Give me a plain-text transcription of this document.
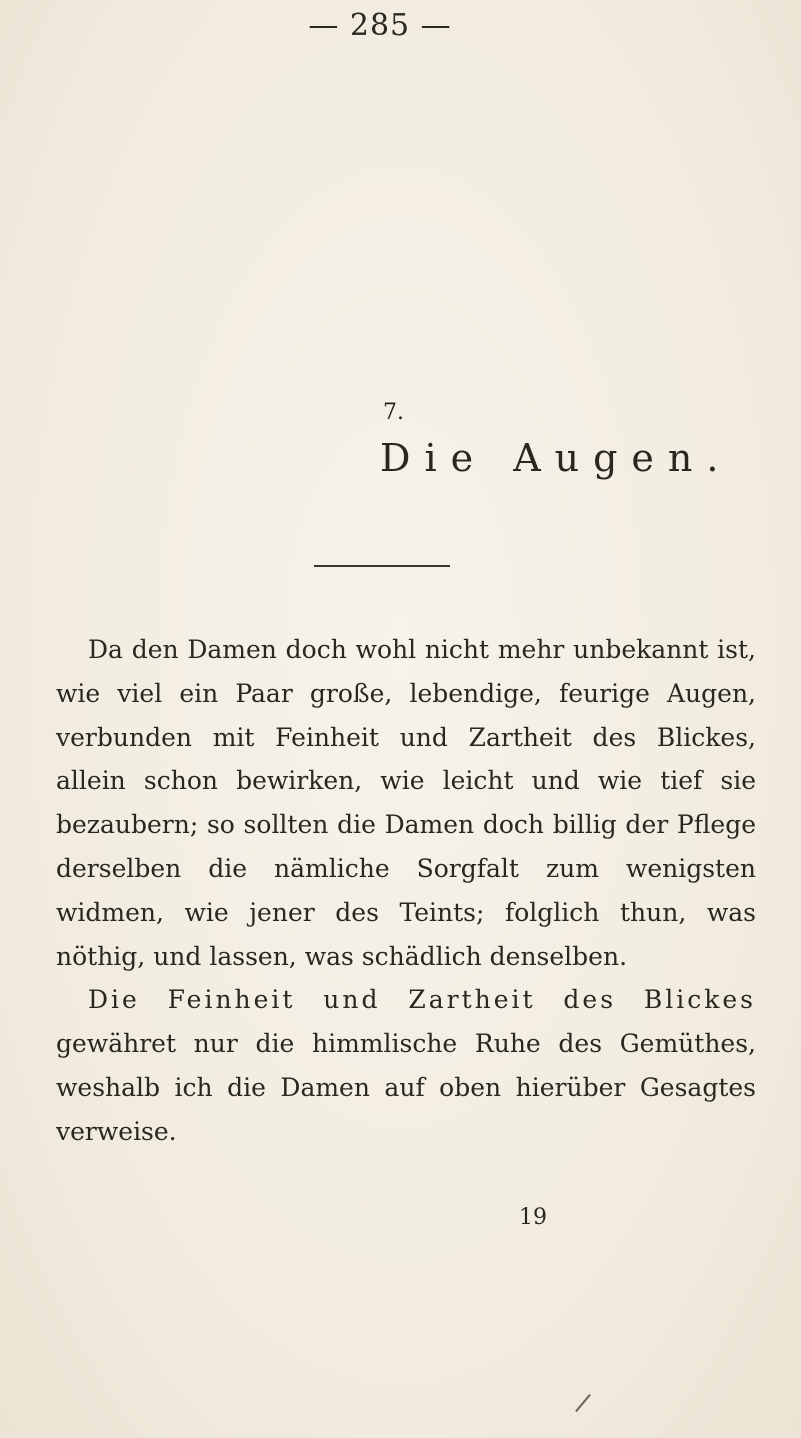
— 285 —
7.
Die Augen.

Da den Damen doch wohl nicht mehr unbekannt ist, wie viel ein Paar große, lebendige, feurige Augen, verbunden mit Feinheit und Zartheit des Blickes, allein schon bewirken, wie leicht und wie tief sie bezaubern; so sollten die Damen doch billig der Pflege derselben die nämliche Sorgfalt zum wenigsten widmen, wie jener des Teints; folglich thun, was nöthig, und lassen, was schädlich denselben.

Die Feinheit und Zartheit des Blickes gewähret nur die himmlische Ruhe des Gemüthes, weshalb ich die Damen auf oben hierüber Gesagtes verweise.

19
